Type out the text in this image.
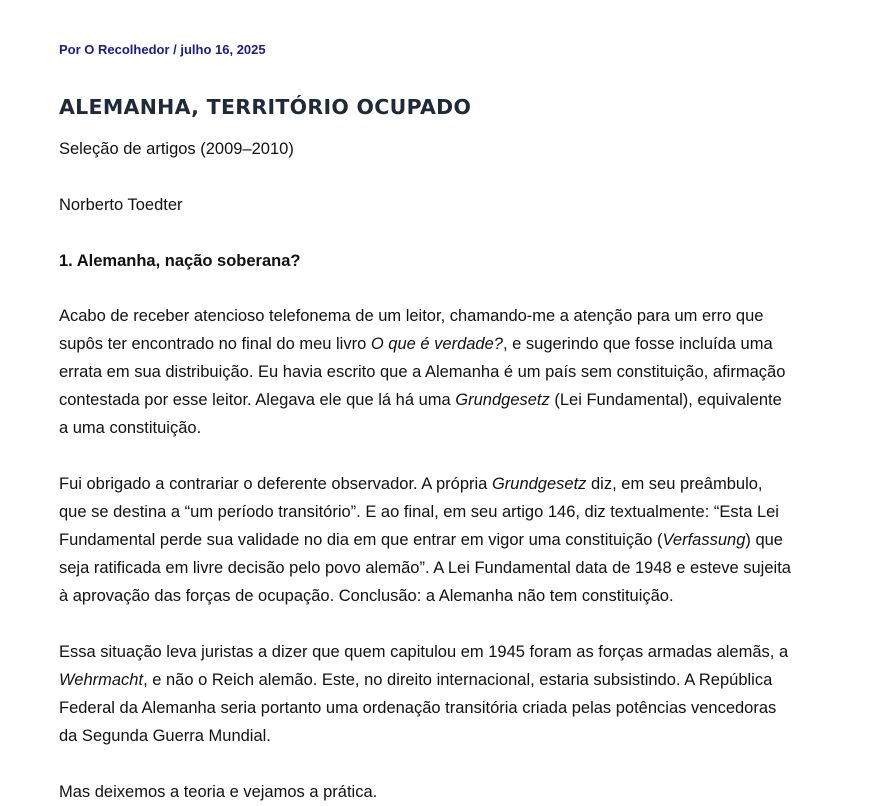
Por O Recolhedor / julho 16, 2025
ALEMANHA, TERRITÓRIO OCUPADO
Seleção de artigos (2009–2010)
Norberto Toedter
1. Alemanha, nação soberana?

Acabo de receber atencioso telefonema de um leitor, chamando-me a atenção para um erro que
supôs ter encontrado no final do meu livro O que é verdade?, e sugerindo que fosse incluída uma
errata em sua distribuição. Eu havia escrito que a Alemanha é um país sem constituição, afirmação
contestada por esse leitor. Alegava ele que lá há uma Grundgesetz (Lei Fundamental), equivalente
a uma constituição.

Fui obrigado a contrariar o deferente observador. A própria Grundgesetz diz, em seu preâmbulo,
que se destina a “um período transitório”. E ao final, em seu artigo 146, diz textualmente: “Esta Lei
Fundamental perde sua validade no dia em que entrar em vigor uma constituição (Verfassung) que
seja ratificada em livre decisão pelo povo alemão”. A Lei Fundamental data de 1948 e esteve sujeita
à aprovação das forças de ocupação. Conclusão: a Alemanha não tem constituição.

Essa situação leva juristas a dizer que quem capitulou em 1945 foram as forças armadas alemãs, a
Wehrmacht, e não o Reich alemão. Este, no direito internacional, estaria subsistindo. A República
Federal da Alemanha seria portanto uma ordenação transitória criada pelas potências vencedoras
da Segunda Guerra Mundial.

Mas deixemos a teoria e vejamos a prática.
